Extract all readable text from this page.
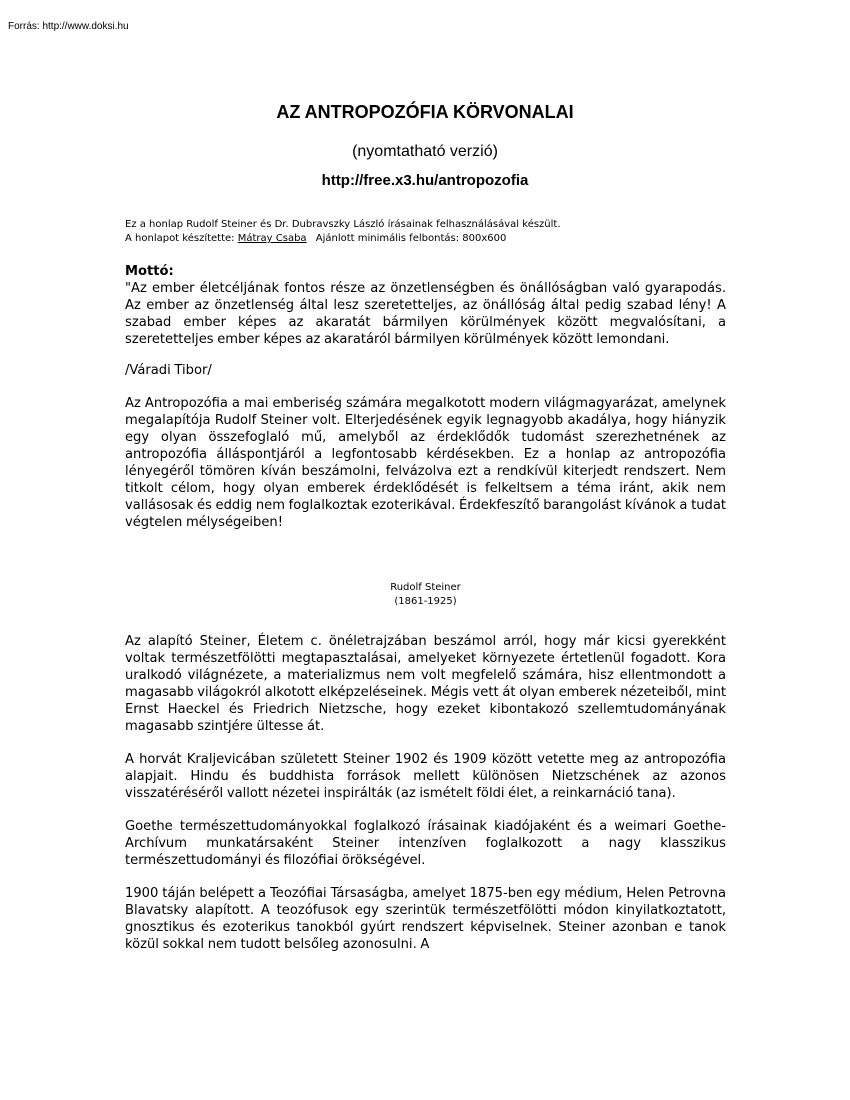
Forrás: http://www.doksi.hu
AZ ANTROPOZÓFIA KÖRVONALAI
(nyomtatható verzió)
http://free.x3.hu/antropozofia
Ez a honlap Rudolf Steiner és Dr. Dubravszky László írásainak felhasználásával készült.
A honlapot készítette: Mátray Csaba Ajánlott minimális felbontás: 800x600

Mottó:
"Az ember életcéljának fontos része az önzetlenségben és önállóságban való gyarapodás. Az ember az önzetlenség által lesz szeretetteljes, az önállóság által pedig szabad lény! A szabad ember képes az akaratát bármilyen körülmények között megvalósítani, a szeretetteljes ember képes az akaratáról bármilyen körülmények között lemondani.

/Váradi Tibor/

Az Antropozófia a mai emberiség számára megalkotott modern világmagyarázat, amelynek megalapítója Rudolf Steiner volt. Elterjedésének egyik legnagyobb akadálya, hogy hiányzik egy olyan összefoglaló mű, amelyből az érdeklődők tudomást szerezhetnének az antropozófia álláspontjáról a legfontosabb kérdésekben. Ez a honlap az antropozófia lényegéről tömören kíván beszámolni, felvázolva ezt a rendkívül kiterjedt rendszert. Nem titkolt célom, hogy olyan emberek érdeklődését is felkeltsem a téma iránt, akik nem vallásosak és eddig nem foglalkoztak ezoterikával. Érdekfeszítő barangolást kívánok a tudat végtelen mélységeiben!

Rudolf Steiner
(1861-1925)

Az alapító Steiner, Életem c. önéletrajzában beszámol arról, hogy már kicsi gyerekként voltak természetfölötti megtapasztalásai, amelyeket környezete értetlenül fogadott. Kora uralkodó világnézete, a materializmus nem volt megfelelő számára, hisz ellentmondott a magasabb világokról alkotott elképzeléseinek. Mégis vett át olyan emberek nézeteiből, mint Ernst Haeckel és Friedrich Nietzsche, hogy ezeket kibontakozó szellemtudományának magasabb szintjére ültesse át.

A horvát Kraljevicában született Steiner 1902 és 1909 között vetette meg az antropozófia alapjait. Hindu és buddhista források mellett különösen Nietzschének az azonos visszatéréséről vallott nézetei inspirálták (az ismételt földi élet, a reinkarnáció tana).

Goethe természettudományokkal foglalkozó írásainak kiadójaként és a weimari Goethe-Archívum munkatársaként Steiner intenzíven foglalkozott a nagy klasszikus természettudományi és filozófiai örökségével.

1900 táján belépett a Teozófiai Társaságba, amelyet 1875-ben egy médium, Helen Petrovna Blavatsky alapított. A teozófusok egy szerintük természetfölötti módon kinyilatkoztatott, gnosztikus és ezoterikus tanokból gyúrt rendszert képviselnek. Steiner azonban e tanok közül sokkal nem tudott belsőleg azonosulni. A
